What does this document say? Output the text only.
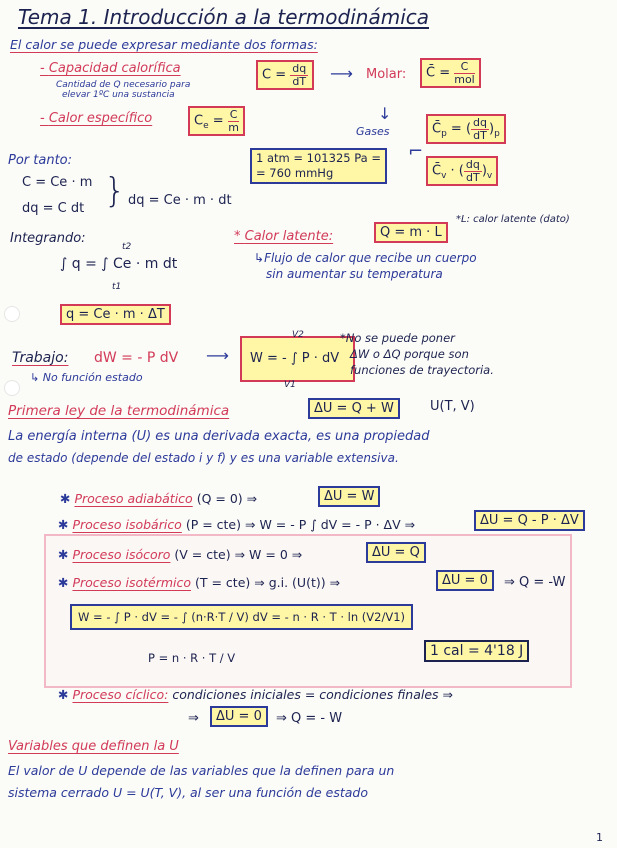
Tema 1. Introducción a la termodinámica
El calor se puede expresar mediante dos formas:
- Capacidad calorífica
Cantidad de Q necesario para
elevar 1ºC una sustancia
$C = \frac{dq}{dT}$ ⟶ Molar:	C̄ = $\frac{C}{\text{mol}}$
- Calor específico	$C_e = \frac{C}{m}$	↓
Gases	$C̄_p$ = ( $\frac{dq}{dT} )_p$
⌐
$C̄_v$ · ( $\frac{dq}{dT} )_v$
1 atm = 101325 Pa =
= 760 mmHg
Por tanto:
C = Ce · m
dq = C dt } dq = Ce · m · dt
Integrando:
t2
∫ q = ∫ Ce · m dt
t1
q = Ce · m · ΔT
* Calor latente:	Q = m · L
*L: calor latente (dato)
↳Flujo de calor que recibe un cuerpo
sin aumentar su temperatura
Trabajo: dW = - P dV
↳ No función estado
⟶	W = - ∫ P · dV
V2
V1
*No se puede poner
ΔW o ΔQ porque son
funciones de trayectoria.
Primera ley de la termodinámica	ΔU = Q + W	U(T, V)
La energía interna (U) es una derivada exacta, es una propiedad
de estado (depende del estado i y f) y es una variable extensiva.
✱ Proceso adiabático (Q = 0) ⇒	ΔU = W
✱ Proceso isobárico (P = cte) ⇒ W = - P ∫ dV = - P · ΔV ⇒	ΔU = Q - P · ΔV
✱ Proceso isócoro (V = cte) ⇒ W = 0 ⇒	ΔU = Q
✱ Proceso isotérmico (T = cte) ⇒ g.i. (U(t)) ⇒	ΔU = 0	⇒ Q = -W
W = - ∫ P · dV = - ∫ (n·R·T / V) dV = - n · R · T · ln (V2/V1)
P = n · R · T / V	1 cal = 4'18 J
✱ Proceso cíclico: condiciones iniciales = condiciones finales ⇒
⇒	ΔU = 0	⇒ Q = - W
Variables que definen la U
El valor de U depende de las variables que la definen para un
sistema cerrado U = U(T, V), al ser una función de estado
1
